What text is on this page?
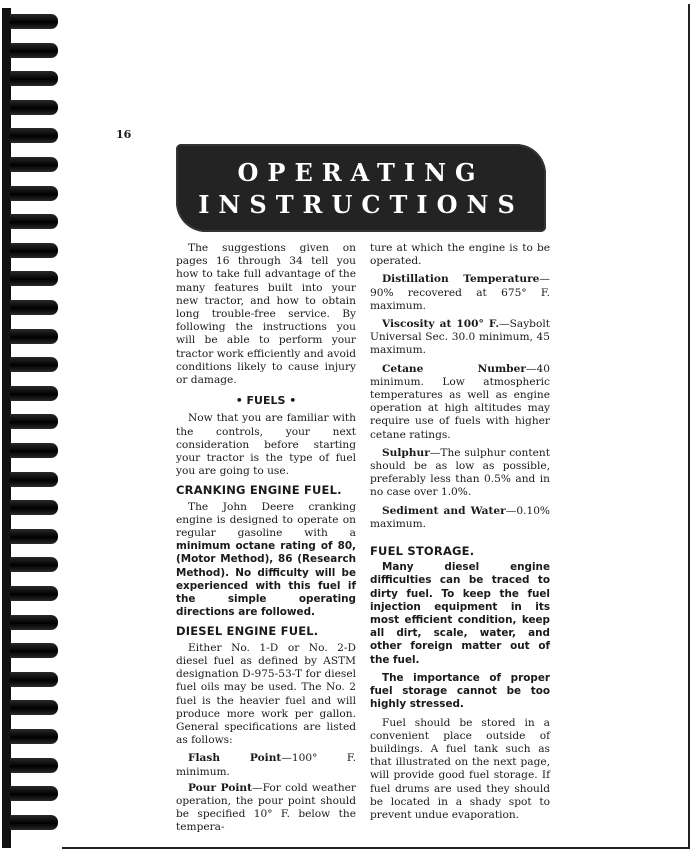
16
OPERATING
INSTRUCTIONS

The suggestions given on pages 16 through 34 tell you how to take full advantage of the many features built into your new tractor, and how to obtain long trouble-free service. By following the instructions you will be able to perform your tractor work efficiently and avoid conditions likely to cause injury or damage.

• FUELS •

Now that you are familiar with the controls, your next consideration before starting your tractor is the type of fuel you are going to use.

CRANKING ENGINE FUEL.

The John Deere cranking engine is designed to operate on regular gasoline with a minimum octane rating of 80, (Motor Method), 86 (Research Method). No difficulty will be experienced with this fuel if the simple operating directions are followed.

DIESEL ENGINE FUEL.

Either No. 1-D or No. 2-D diesel fuel as defined by ASTM designation D-975-53-T for diesel fuel oils may be used. The No. 2 fuel is the heavier fuel and will produce more work per gallon. General specifications are listed as follows:

Flash Point—100° F. minimum.

Pour Point—For cold weather operation, the pour point should be specified 10° F. below the tempera-

ture at which the engine is to be operated.

Distillation Temperature—90% recovered at 675° F. maximum.

Viscosity at 100° F.—Saybolt Universal Sec. 30.0 minimum, 45 maximum.

Cetane Number—40 minimum. Low atmospheric temperatures as well as engine operation at high altitudes may require use of fuels with higher cetane ratings.

Sulphur—The sulphur content should be as low as possible, preferably less than 0.5% and in no case over 1.0%.

Sediment and Water—0.10% maximum.

FUEL STORAGE.

Many diesel engine difficulties can be traced to dirty fuel. To keep the fuel injection equipment in its most efficient condition, keep all dirt, scale, water, and other foreign matter out of the fuel.

The importance of proper fuel storage cannot be too highly stressed.

Fuel should be stored in a convenient place outside of buildings. A fuel tank such as that illustrated on the next page, will provide good fuel storage. If fuel drums are used they should be located in a shady spot to prevent undue evaporation.
